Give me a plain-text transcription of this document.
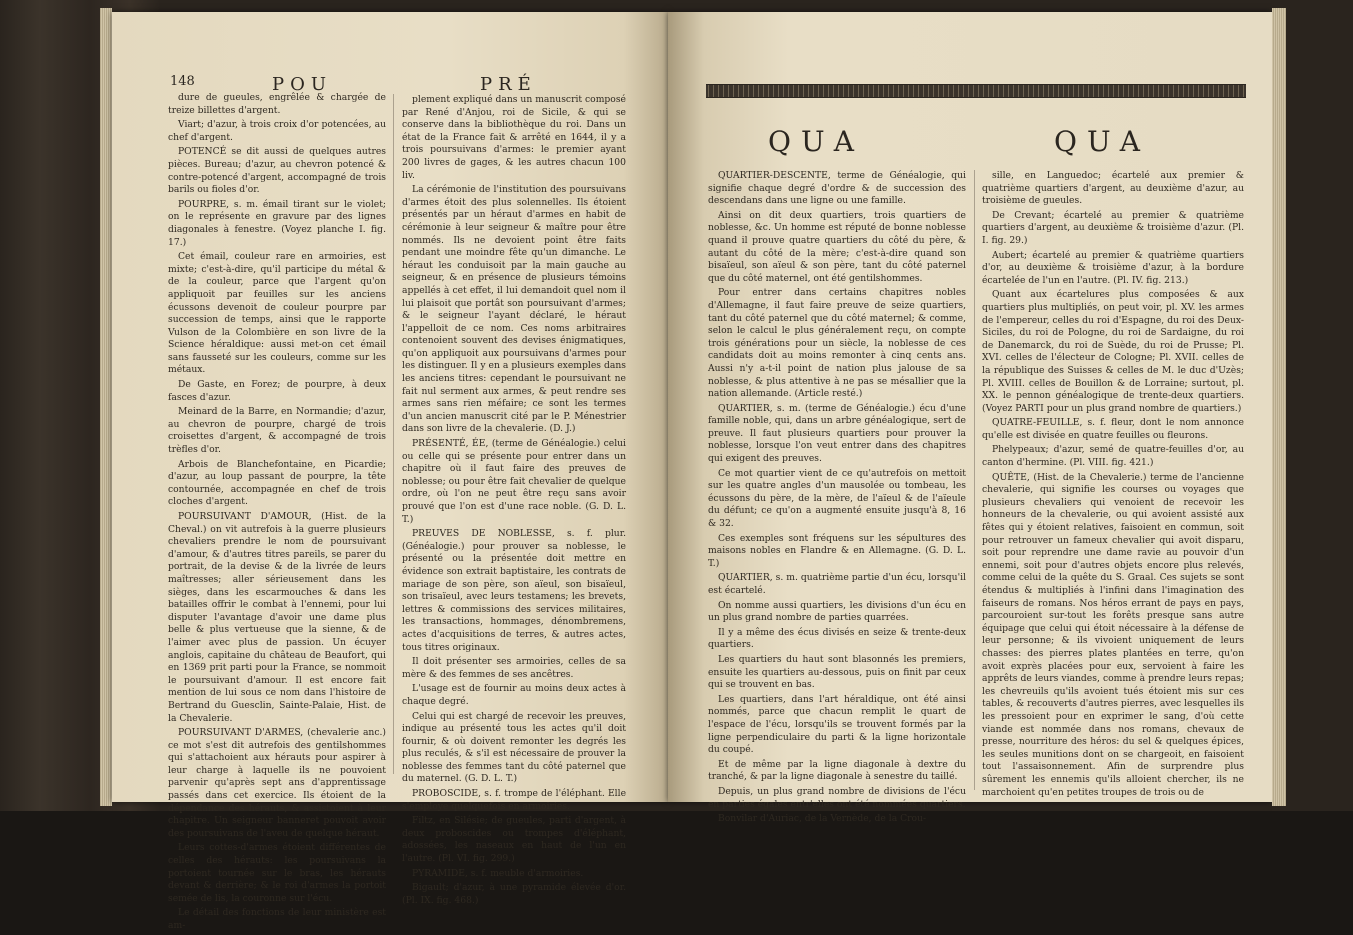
148	POU	PRÉ

dure de gueules, engrêlée & chargée de treize billettes d'argent.

Viart; d'azur, à trois croix d'or potencées, au chef d'argent.

POTENCÉ se dit aussi de quelques autres pièces. Bureau; d'azur, au chevron potencé & contre-potencé d'argent, accompagné de trois barils ou fioles d'or.

POURPRE, s. m. émail tirant sur le violet; on le représente en gravure par des lignes diagonales à fenestre. (Voyez planche I. fig. 17.)

Cet émail, couleur rare en armoiries, est mixte; c'est-à-dire, qu'il participe du métal & de la couleur, parce que l'argent qu'on appliquoit par feuilles sur les anciens écussons devenoit de couleur pourpre par succession de temps, ainsi que le rapporte Vulson de la Colombière en son livre de la Science héraldique: aussi met-on cet émail sans fausseté sur les couleurs, comme sur les métaux.

De Gaste, en Forez; de pourpre, à deux fasces d'azur.

Meinard de la Barre, en Normandie; d'azur, au chevron de pourpre, chargé de trois croisettes d'argent, & accompagné de trois trèfles d'or.

Arbois de Blanchefontaine, en Picardie; d'azur, au loup passant de pourpre, la tête contournée, accompagnée en chef de trois cloches d'argent.

POURSUIVANT D'AMOUR, (Hist. de la Cheval.) on vit autrefois à la guerre plusieurs chevaliers prendre le nom de poursuivant d'amour, & d'autres titres pareils, se parer du portrait, de la devise & de la livrée de leurs maîtresses; aller sérieusement dans les sièges, dans les escarmouches & dans les batailles offrir le combat à l'ennemi, pour lui disputer l'avantage d'avoir une dame plus belle & plus vertueuse que la sienne, & de l'aimer avec plus de passion. Un écuyer anglois, capitaine du château de Beaufort, qui en 1369 prit parti pour la France, se nommoit le poursuivant d'amour. Il est encore fait mention de lui sous ce nom dans l'histoire de Bertrand du Guesclin, Sainte-Palaie, Hist. de la Chevalerie.

POURSUIVANT D'ARMES, (chevalerie anc.) ce mot s'est dit autrefois des gentilshommes qui s'attachoient aux hérauts pour aspirer à leur charge à laquelle ils ne pouvoient parvenir qu'après sept ans d'apprentissage passés dans cet exercice. Ils étoient de la dépendance des hérauts, & assistoient à leur chapitre. Un seigneur banneret pouvoit avoir des poursuivans de l'aveu de quelque héraut.

Leurs cottes-d'armes étoient différentes de celles des hérauts: les poursuivans la portoient tournée sur le bras, les hérauts devant & derrière; & le roi d'armes la portoit semée de lis, la couronne sur l'écu.

Le détail des fonctions de leur ministère est am-

plement expliqué dans un manuscrit composé par René d'Anjou, roi de Sicile, & qui se conserve dans la bibliothèque du roi. Dans un état de la France fait & arrêté en 1644, il y a trois poursuivans d'armes: le premier ayant 200 livres de gages, & les autres chacun 100 liv.

La cérémonie de l'institution des poursuivans d'armes étoit des plus solennelles. Ils étoient présentés par un héraut d'armes en habit de cérémonie à leur seigneur & maître pour être nommés. Ils ne devoient point être faits pendant une moindre fête qu'un dimanche. Le héraut les conduisoit par la main gauche au seigneur, & en présence de plusieurs témoins appellés à cet effet, il lui demandoit quel nom il lui plaisoit que portât son poursuivant d'armes; & le seigneur l'ayant déclaré, le héraut l'appelloit de ce nom. Ces noms arbitraires contenoient souvent des devises énigmatiques, qu'on appliquoit aux poursuivans d'armes pour les distinguer. Il y en a plusieurs exemples dans les anciens titres: cependant le poursuivant ne fait nul serment aux armes, & peut rendre ses armes sans rien méfaire; ce sont les termes d'un ancien manuscrit cité par le P. Ménestrier dans son livre de la chevalerie. (D. J.)

PRÉSENTÉ, ÉE, (terme de Généalogie.) celui ou celle qui se présente pour entrer dans un chapitre où il faut faire des preuves de noblesse; ou pour être fait chevalier de quelque ordre, où l'on ne peut être reçu sans avoir prouvé que l'on est d'une race noble. (G. D. L. T.)

PREUVES DE NOBLESSE, s. f. plur. (Généalogie.) pour prouver sa noblesse, le présenté ou la présentée doit mettre en évidence son extrait baptistaire, les contrats de mariage de son père, son aïeul, son bisaïeul, son trisaïeul, avec leurs testamens; les brevets, lettres & commissions des services militaires, les transactions, hommages, dénombremens, actes d'acquisitions de terres, & autres actes, tous titres originaux.

Il doit présenter ses armoiries, celles de sa mère & des femmes de ses ancêtres.

L'usage est de fournir au moins deux actes à chaque degré.

Celui qui est chargé de recevoir les preuves, indique au présenté tous les actes qu'il doit fournir, & où doivent remonter les degrés les plus reculés, & s'il est nécessaire de prouver la noblesse des femmes tant du côté paternel que du maternel. (G. D. L. T.)

PROBOSCIDE, s. f. trompe de l'éléphant. Elle s'employe quelquefois en armoiries.

Filtz, en Silésie; de gueules, parti d'argent, à deux proboscides ou trompes d'éléphant, adossées, les naseaux en haut de l'un en l'autre. (Pl. VI. fig. 299.)

PYRAMIDE, s. f. meuble d'armoiries.

Bigault; d'azur, à une pyramide élevée d'or. (Pl. IX. fig. 468.)

QUA	QUA

QUARTIER-DESCENTE, terme de Généalogie, qui signifie chaque degré d'ordre & de succession des descendans dans une ligne ou une famille.

Ainsi on dit deux quartiers, trois quartiers de noblesse, &c. Un homme est réputé de bonne noblesse quand il prouve quatre quartiers du côté du père, & autant du côté de la mère; c'est-à-dire quand son bisaïeul, son aïeul & son père, tant du côté paternel que du côté maternel, ont été gentilshommes.

Pour entrer dans certains chapitres nobles d'Allemagne, il faut faire preuve de seize quartiers, tant du côté paternel que du côté maternel; & comme, selon le calcul le plus généralement reçu, on compte trois générations pour un siècle, la noblesse de ces candidats doit au moins remonter à cinq cents ans. Aussi n'y a-t-il point de nation plus jalouse de sa noblesse, & plus attentive à ne pas se mésallier que la nation allemande. (Article resté.)

QUARTIER, s. m. (terme de Généalogie.) écu d'une famille noble, qui, dans un arbre généalogique, sert de preuve. Il faut plusieurs quartiers pour prouver la noblesse, lorsque l'on veut entrer dans des chapitres qui exigent des preuves.

Ce mot quartier vient de ce qu'autrefois on mettoit sur les quatre angles d'un mausolée ou tombeau, les écussons du père, de la mère, de l'aïeul & de l'aïeule du défunt; ce qu'on a augmenté ensuite jusqu'à 8, 16 & 32.

Ces exemples sont fréquens sur les sépultures des maisons nobles en Flandre & en Allemagne. (G. D. L. T.)

QUARTIER, s. m. quatrième partie d'un écu, lorsqu'il est écartelé.

On nomme aussi quartiers, les divisions d'un écu en un plus grand nombre de parties quarrées.

Il y a même des écus divisés en seize & trente-deux quartiers.

Les quartiers du haut sont blasonnés les premiers, ensuite les quartiers au-dessous, puis on finit par ceux qui se trouvent en bas.

Les quartiers, dans l'art héraldique, ont été ainsi nommés, parce que chacun remplit le quart de l'espace de l'écu, lorsqu'ils se trouvent formés par la ligne perpendiculaire du parti & la ligne horizontale du coupé.

Et de même par la ligne diagonale à dextre du tranché, & par la ligne diagonale à senestre du taillé.

Depuis, un plus grand nombre de divisions de l'écu en parties égales entr'elles ont été nommées quartiers.

Bonvilar d'Auriac, de la Vernède, de la Crou-

sille, en Languedoc; écartelé aux premier & quatrième quartiers d'argent, au deuxième d'azur, au troisième de gueules.

De Crevant; écartelé au premier & quatrième quartiers d'argent, au deuxième & troisième d'azur. (Pl. I. fig. 29.)

Aubert; écartelé au premier & quatrième quartiers d'or, au deuxième & troisième d'azur, à la bordure écartelée de l'un en l'autre. (Pl. IV. fig. 213.)

Quant aux écartelures plus composées & aux quartiers plus multipliés, on peut voir, pl. XV. les armes de l'empereur, celles du roi d'Espagne, du roi des Deux-Siciles, du roi de Pologne, du roi de Sardaigne, du roi de Danemarck, du roi de Suède, du roi de Prusse; Pl. XVI. celles de l'électeur de Cologne; Pl. XVII. celles de la république des Suisses & celles de M. le duc d'Uzès; Pl. XVIII. celles de Bouillon & de Lorraine; surtout, pl. XX. le pennon généalogique de trente-deux quartiers. (Voyez PARTI pour un plus grand nombre de quartiers.)

QUATRE-FEUILLE, s. f. fleur, dont le nom annonce qu'elle est divisée en quatre feuilles ou fleurons.

Phelypeaux; d'azur, semé de quatre-feuilles d'or, au canton d'hermine. (Pl. VIII. fig. 421.)

QUÊTE, (Hist. de la Chevalerie.) terme de l'ancienne chevalerie, qui signifie les courses ou voyages que plusieurs chevaliers qui venoient de recevoir les honneurs de la chevalerie, ou qui avoient assisté aux fêtes qui y étoient relatives, faisoient en commun, soit pour retrouver un fameux chevalier qui avoit disparu, soit pour reprendre une dame ravie au pouvoir d'un ennemi, soit pour d'autres objets encore plus relevés, comme celui de la quête du S. Graal. Ces sujets se sont étendus & multipliés à l'infini dans l'imagination des faiseurs de romans. Nos héros errant de pays en pays, parcouroient sur-tout les forêts presque sans autre équipage que celui qui étoit nécessaire à la défense de leur personne; & ils vivoient uniquement de leurs chasses: des pierres plates plantées en terre, qu'on avoit exprès placées pour eux, servoient à faire les apprêts de leurs viandes, comme à prendre leurs repas; les chevreuils qu'ils avoient tués étoient mis sur ces tables, & recouverts d'autres pierres, avec lesquelles ils les pressoient pour en exprimer le sang, d'où cette viande est nommée dans nos romans, chevaux de presse, nourriture des héros: du sel & quelques épices, les seules munitions dont on se chargeoit, en faisoient tout l'assaisonnement. Afin de surprendre plus sûrement les ennemis qu'ils alloient chercher, ils ne marchoient qu'en petites troupes de trois ou de
